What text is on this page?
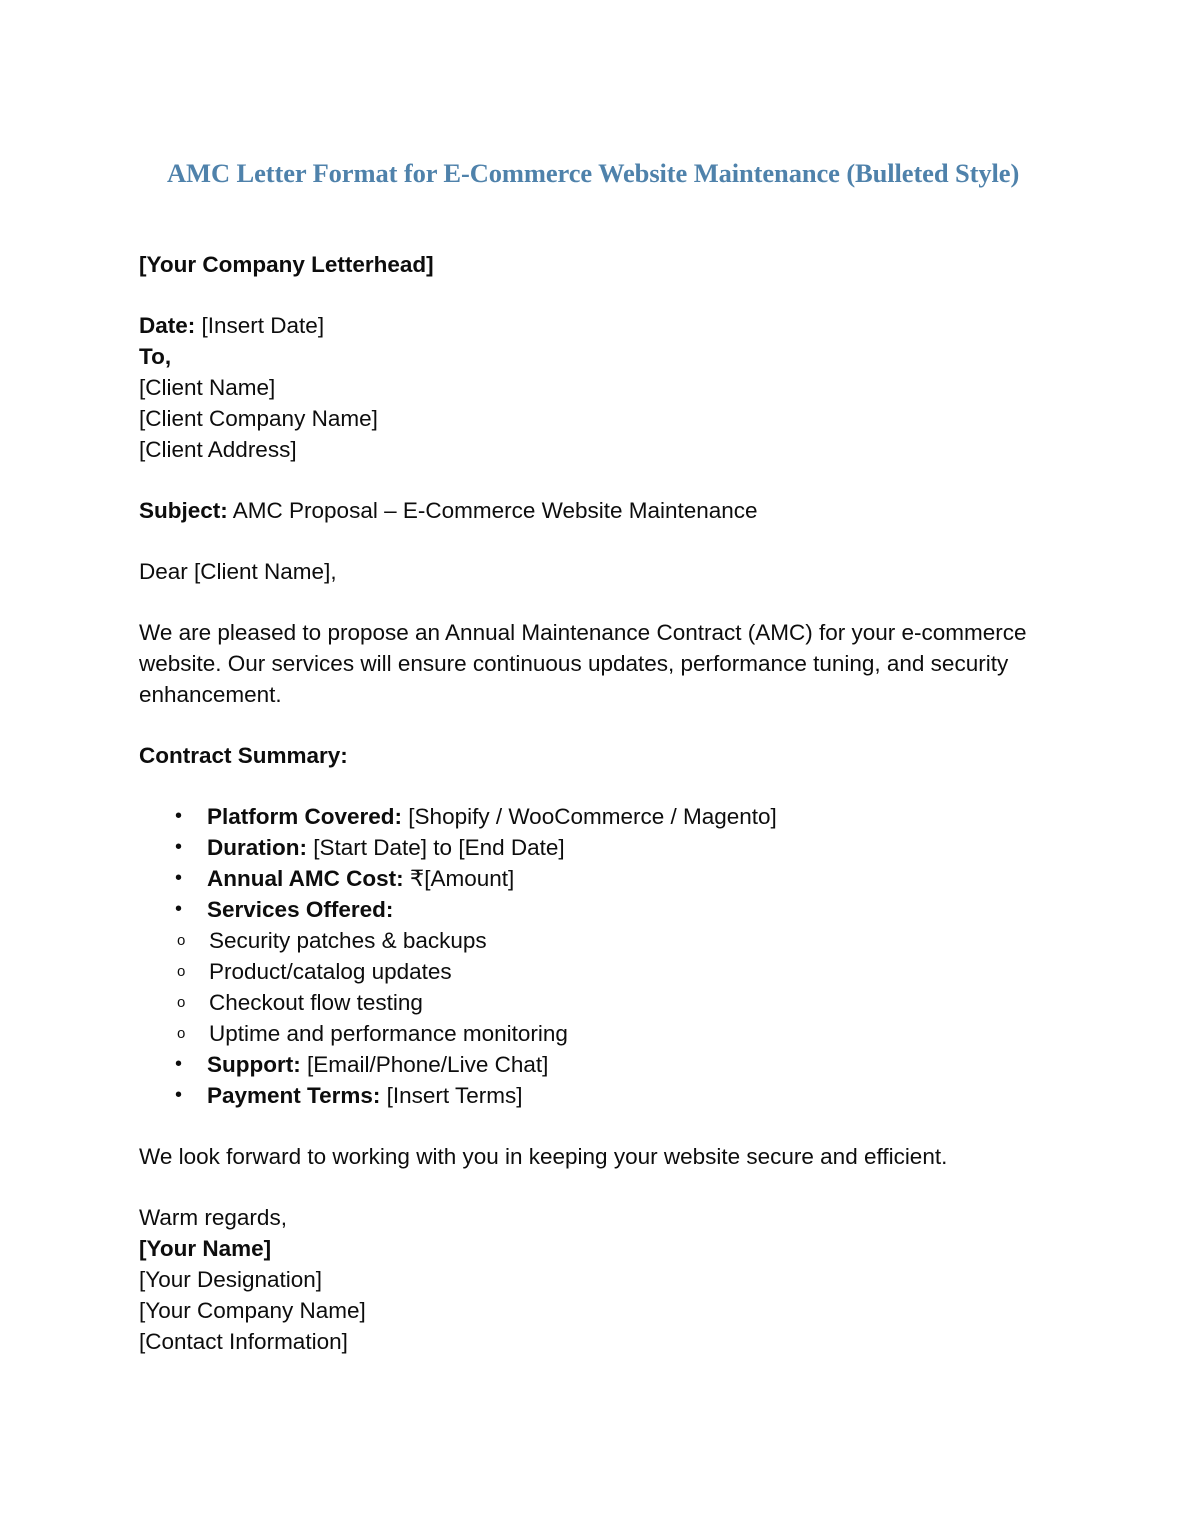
AMC Letter Format for E-Commerce Website Maintenance (Bulleted Style)
[Your Company Letterhead]
Date: [Insert Date]
To,
[Client Name]
[Client Company Name]
[Client Address]
Subject: AMC Proposal – E-Commerce Website Maintenance
Dear [Client Name],

We are pleased to propose an Annual Maintenance Contract (AMC) for your e-commerce website. Our services will ensure continuous updates, performance tuning, and security enhancement.

Contract Summary:
•	Platform Covered: [Shopify / WooCommerce / Magento]
•	Duration: [Start Date] to [End Date]
•	Annual AMC Cost: ₹[Amount]
•	Services Offered:
o Security patches & backups
o Product/catalog updates
o Checkout flow testing
o Uptime and performance monitoring
•	Support: [Email/Phone/Live Chat]
•	Payment Terms: [Insert Terms]

We look forward to working with you in keeping your website secure and efficient.

Warm regards,
[Your Name]
[Your Designation]
[Your Company Name]
[Contact Information]
